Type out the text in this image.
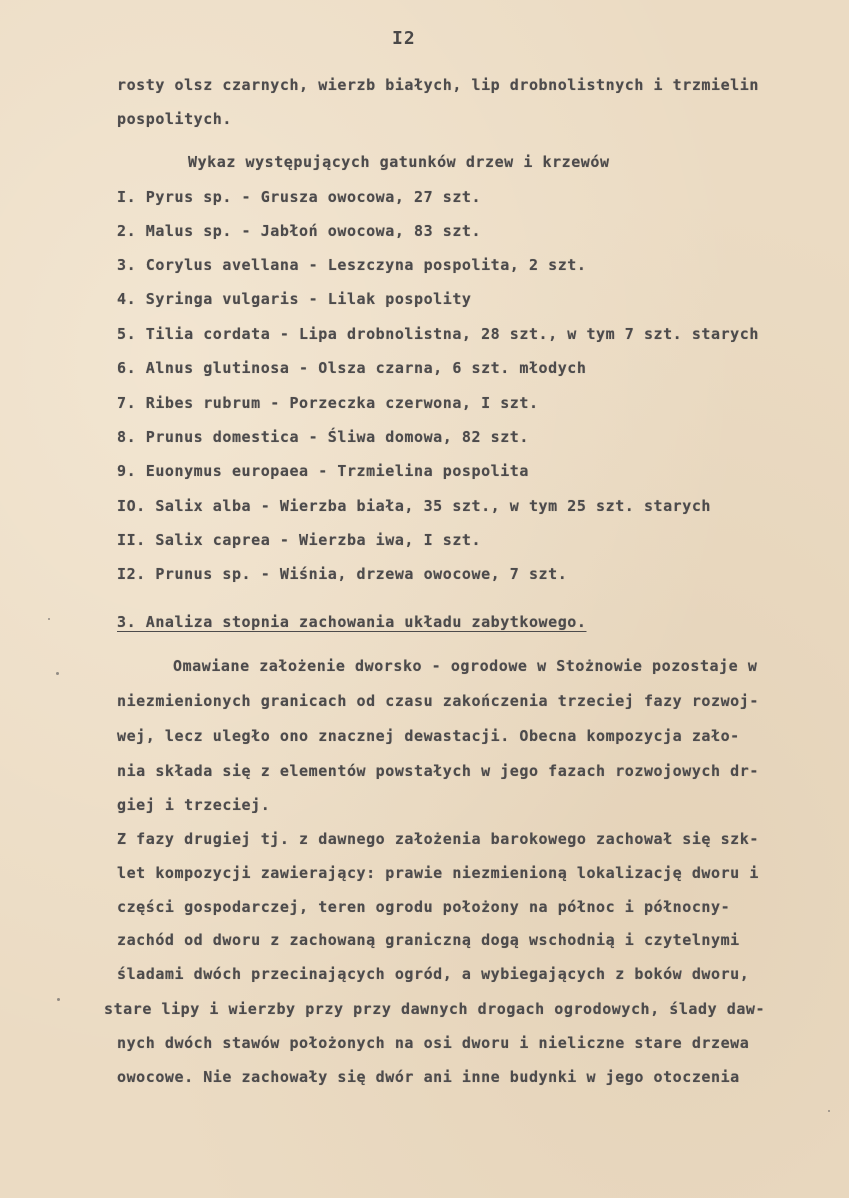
I2
rosty olsz czarnych, wierzb białych, lip drobnolistnych i trzmielin
pospolitych.
Wykaz występujących gatunków drzew i krzewów
I. Pyrus sp. - Grusza owocowa, 27 szt.
2. Malus sp. - Jabłoń owocowa, 83 szt.
3. Corylus avellana - Leszczyna pospolita, 2 szt.
4. Syringa vulgaris - Lilak pospolity
5. Tilia cordata - Lipa drobnolistna, 28 szt., w tym 7 szt. starych
6. Alnus glutinosa - Olsza czarna, 6 szt. młodych
7. Ribes rubrum - Porzeczka czerwona, I szt.
8. Prunus domestica - Śliwa domowa, 82 szt.
9. Euonymus europaea - Trzmielina pospolita
IO. Salix alba - Wierzba biała, 35 szt., w tym 25 szt. starych
II. Salix caprea - Wierzba iwa, I szt.
I2. Prunus sp. - Wiśnia, drzewa owocowe, 7 szt.
3. Analiza stopnia zachowania układu zabytkowego.
Omawiane założenie dworsko - ogrodowe w Stożnowie pozostaje w
niezmienionych granicach od czasu zakończenia trzeciej fazy rozwoj-
wej, lecz uległo ono znacznej dewastacji. Obecna kompozycja zało-
nia składa się z elementów powstałych w jego fazach rozwojowych dr-
giej i trzeciej.
Z fazy drugiej tj. z dawnego założenia barokowego zachował się szk-
let kompozycji zawierający: prawie niezmienioną lokalizację dworu i
części gospodarczej, teren ogrodu położony na północ i północny-
zachód od dworu z zachowaną graniczną dogą wschodnią i czytelnymi
śladami dwóch przecinających ogród, a wybiegających z boków dworu,
stare lipy i wierzby przy przy dawnych drogach ogrodowych, ślady daw-
nych dwóch stawów położonych na osi dworu i nieliczne stare drzewa
owocowe. Nie zachowały się dwór ani inne budynki w jego otoczenia
